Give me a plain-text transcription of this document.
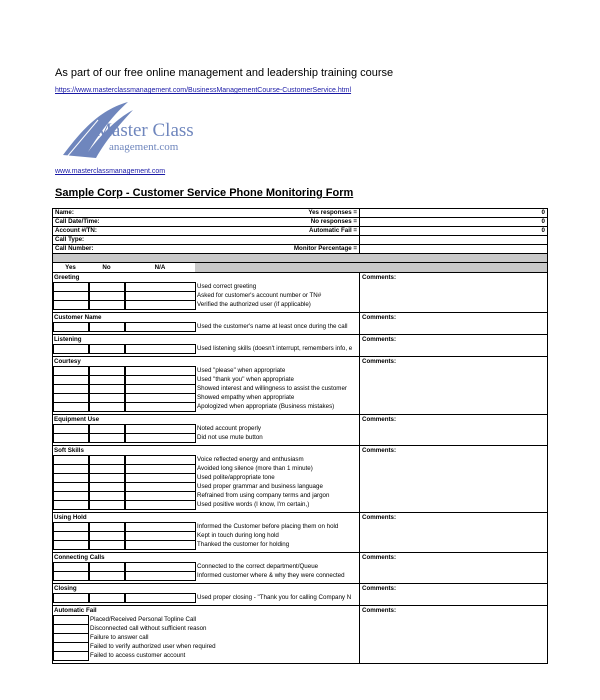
As part of our free online management and leadership training course
https://www.masterclassmanagement.com/BusinessManagementCourse-CustomerService.html
Master Class
anagement.com
www.masterclassmanagement.com
Sample Corp - Customer Service Phone Monitoring Form
Name:	Yes responses =	0
Call Date/Time:	No responses =	0
Account #/TN:	Automatic Fail =	0
Call Type:
Call Number:	Monitor Percentage =
Yes	No	N/A
Greeting	Comments:
Used correct greeting
Asked for customer's account number or TN#
Verified the authorized user (if applicable)
Customer Name	Comments:
Used the customer's name at least once during the call
Listening	Comments:
Used listening skills (doesn't interrupt, remembers info, e
Courtesy	Comments:
Used "please" when appropriate
Used "thank you" when appropriate
Showed interest and willingness to assist the customer
Showed empathy when appropriate
Apologized when appropriate (Business mistakes)
Equipment Use	Comments:
Noted account properly
Did not use mute button
Soft Skills	Comments:
Voice reflected energy and enthusiasm
Avoided long silence (more than 1 minute)
Used polite/appropriate tone
Used proper grammar and business language
Refrained from using company terms and jargon
Used positive words (I know, I'm certain,)
Using Hold	Comments:
Informed the Customer before placing them on hold
Kept in touch during long hold
Thanked the customer for holding
Connecting Calls	Comments:
Connected to the correct department/Queue
Informed customer where & why they were connected
Closing	Comments:
Used proper closing - "Thank you for calling Company N
Automatic Fail	Comments:
Placed/Received Personal Topline Call
Disconnected call without sufficient reason
Failure to answer call
Failed to verify authorized user when required
Failed to access customer account
